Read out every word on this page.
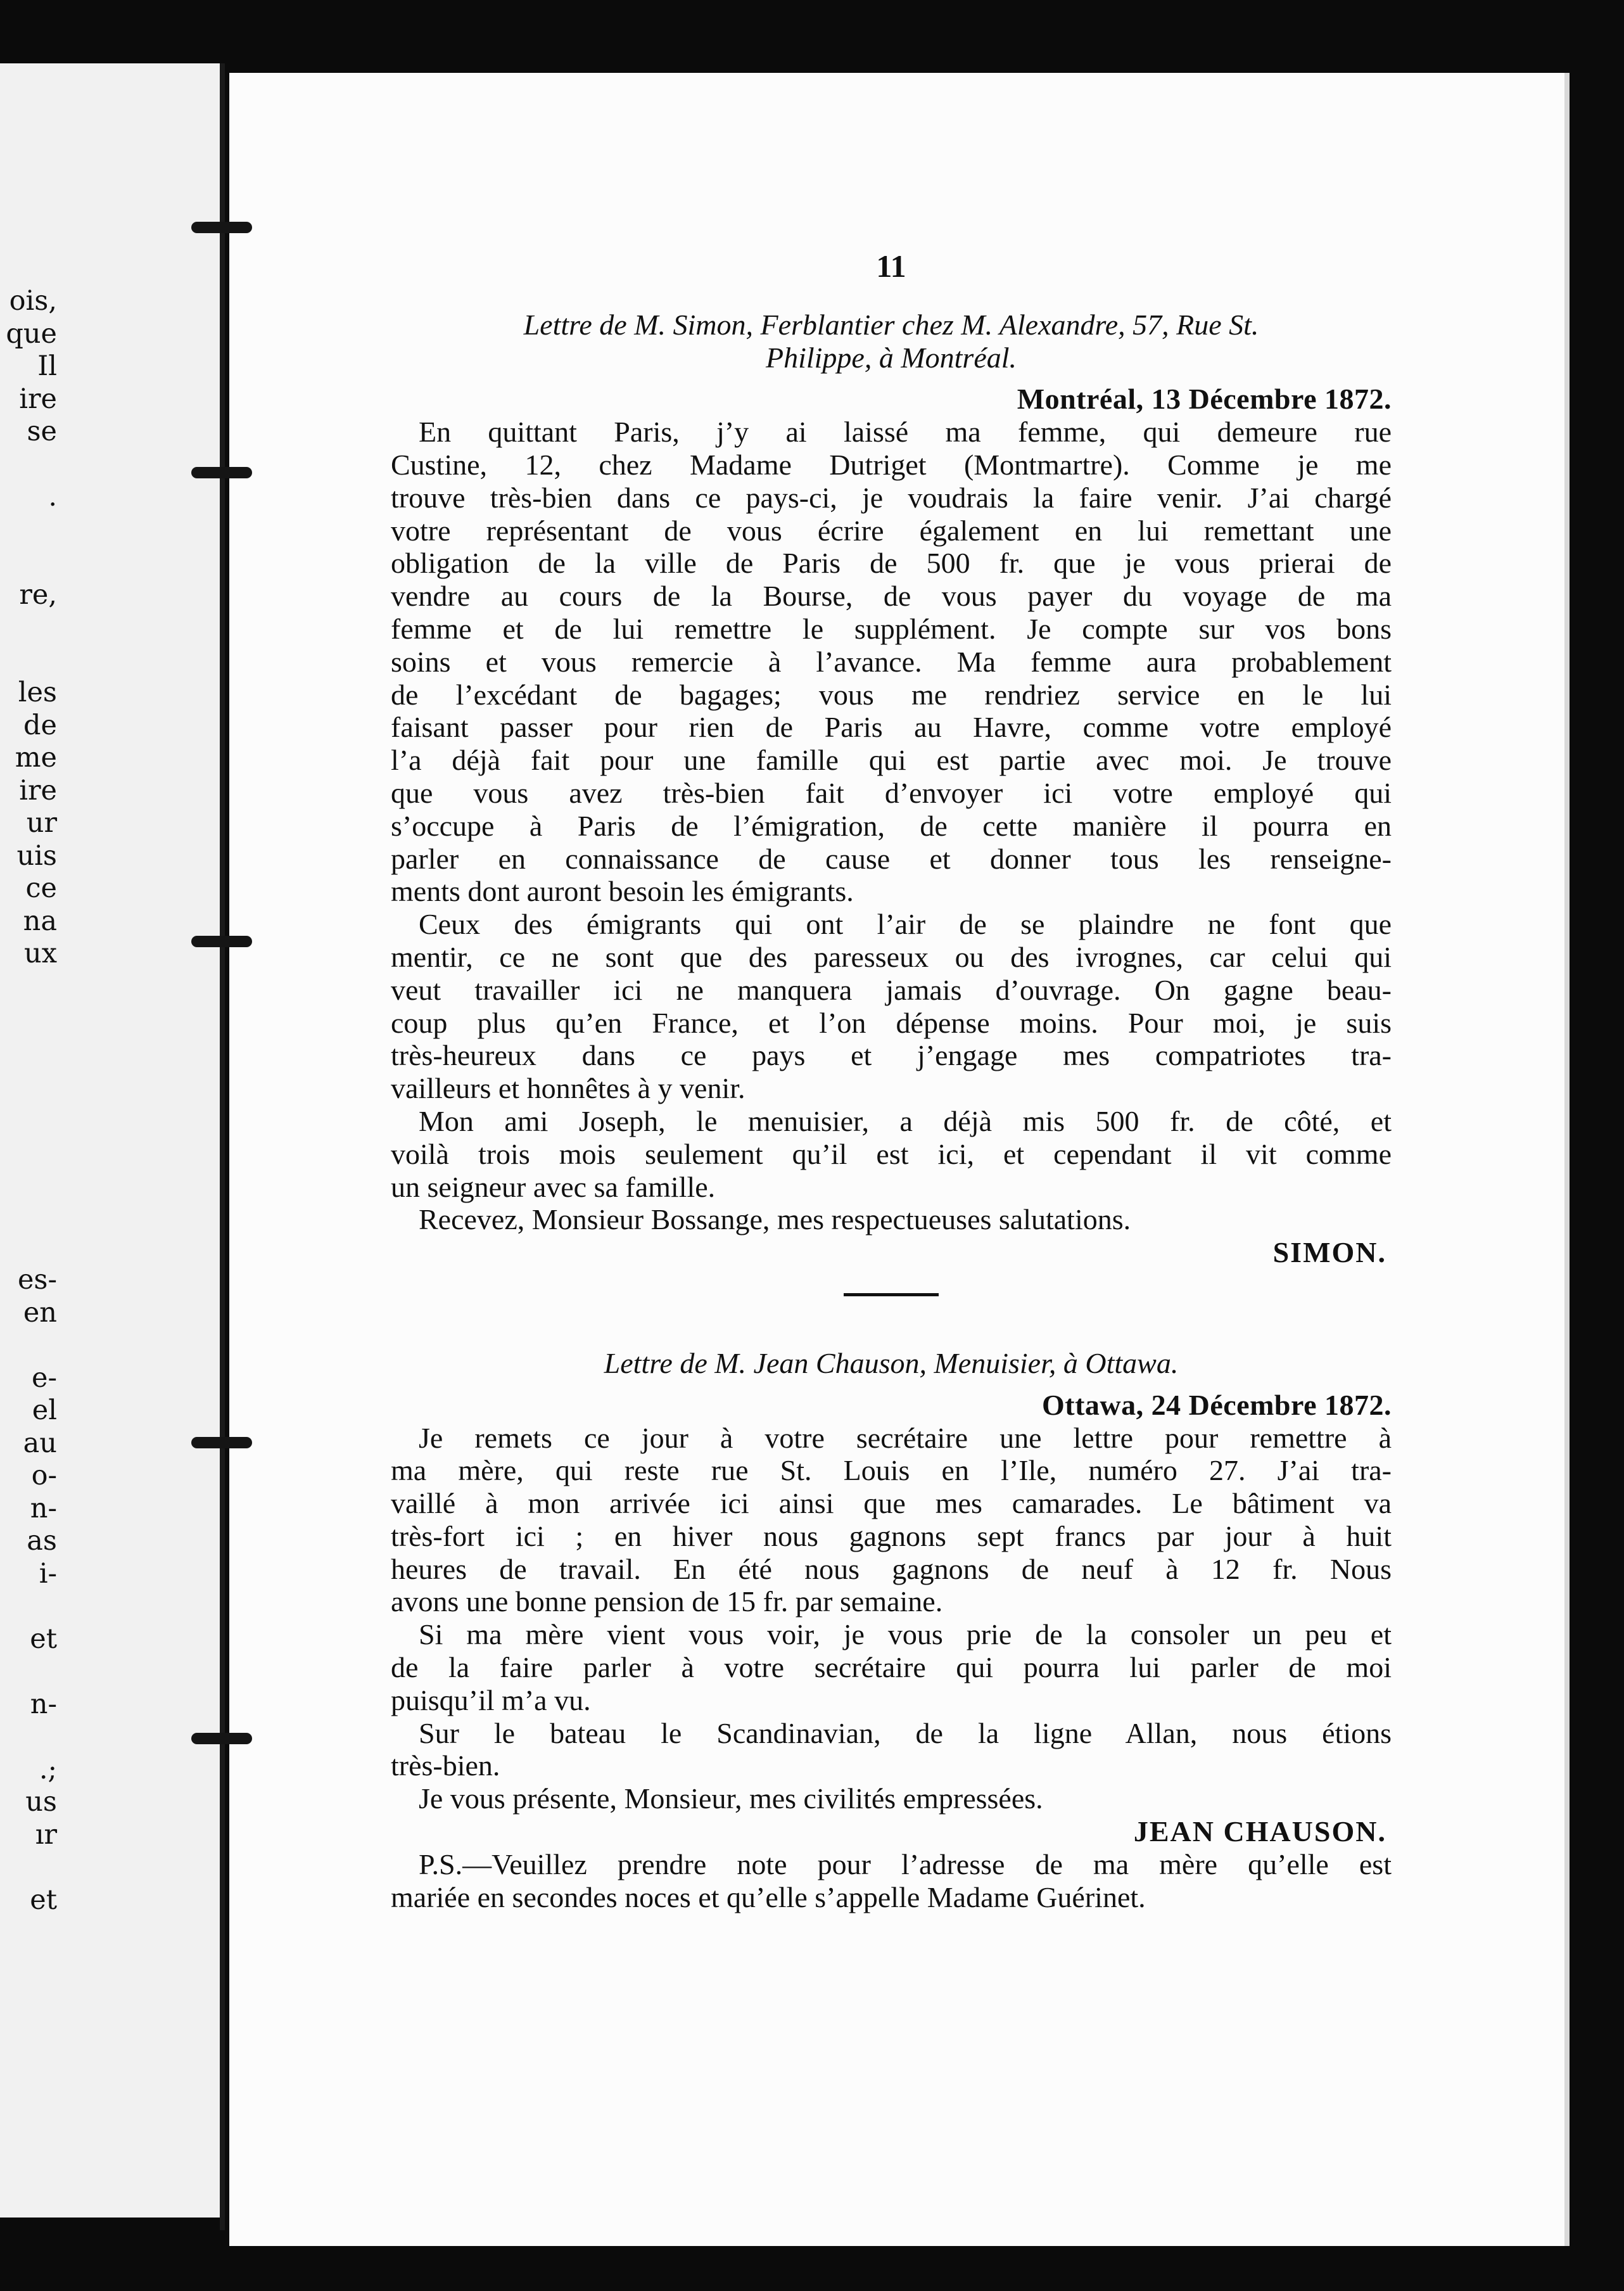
ois,
que
Il
ire
se
.
re,
les
de
me
ire
ur
uis
ce
na
ux
es-
en
e-
el
au
o-
n-
as
i-
et
n-
.;
us
ır
et
11
Lettre de M. Simon, Ferblantier chez M. Alexandre, 57, Rue St.
Philippe, à Montréal.
Montréal, 13 Décembre 1872.
En quittant Paris, j’y ai laissé ma femme, qui demeure rue
Custine, 12, chez Madame Dutriget (Montmartre). Comme je me
trouve très-bien dans ce pays-ci, je voudrais la faire venir. J’ai chargé
votre représentant de vous écrire également en lui remettant une
obligation de la ville de Paris de 500 fr. que je vous prierai de
vendre au cours de la Bourse, de vous payer du voyage de ma
femme et de lui remettre le supplément. Je compte sur vos bons
soins et vous remercie à l’avance. Ma femme aura probablement
de l’excédant de bagages; vous me rendriez service en le lui
faisant passer pour rien de Paris au Havre, comme votre employé
l’a déjà fait pour une famille qui est partie avec moi. Je trouve
que vous avez très-bien fait d’envoyer ici votre employé qui
s’occupe à Paris de l’émigration, de cette manière il pourra en
parler en connaissance de cause et donner tous les renseigne-
ments dont auront besoin les émigrants.
Ceux des émigrants qui ont l’air de se plaindre ne font que
mentir, ce ne sont que des paresseux ou des ivrognes, car celui qui
veut travailler ici ne manquera jamais d’ouvrage. On gagne beau-
coup plus qu’en France, et l’on dépense moins. Pour moi, je suis
très-heureux dans ce pays et j’engage mes compatriotes tra-
vailleurs et honnêtes à y venir.
Mon ami Joseph, le menuisier, a déjà mis 500 fr. de côté, et
voilà trois mois seulement qu’il est ici, et cependant il vit comme
un seigneur avec sa famille.
Recevez, Monsieur Bossange, mes respectueuses salutations.
SIMON.
Lettre de M. Jean Chauson, Menuisier, à Ottawa.
Ottawa, 24 Décembre 1872.
Je remets ce jour à votre secrétaire une lettre pour remettre à
ma mère, qui reste rue St. Louis en l’Ile, numéro 27. J’ai tra-
vaillé à mon arrivée ici ainsi que mes camarades. Le bâtiment va
très-fort ici ; en hiver nous gagnons sept francs par jour à huit
heures de travail. En été nous gagnons de neuf à 12 fr. Nous
avons une bonne pension de 15 fr. par semaine.
Si ma mère vient vous voir, je vous prie de la consoler un peu et
de la faire parler à votre secrétaire qui pourra lui parler de moi
puisqu’il m’a vu.
Sur le bateau le Scandinavian, de la ligne Allan, nous étions
très-bien.
Je vous présente, Monsieur, mes civilités empressées.
JEAN CHAUSON.
P.S.—Veuillez prendre note pour l’adresse de ma mère qu’elle est
mariée en secondes noces et qu’elle s’appelle Madame Guérinet.
